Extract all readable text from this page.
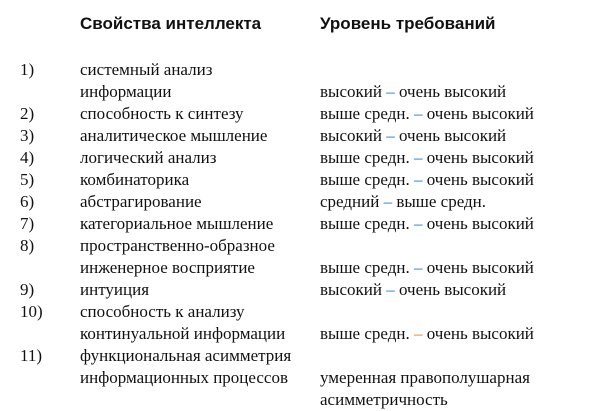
Свойства интеллекта	Уровень требований
1)	системный анализ
информации	высокий – очень высокий
2)	способность к синтезу	выше средн. – очень высокий
3)	аналитическое мышление	высокий – очень высокий
4)	логический анализ	выше средн. – очень высокий
5)	комбинаторика	выше средн. – очень высокий
6)	абстрагирование	средний – выше средн.
7)	категориальное мышление	выше средн. – очень высокий
8)	пространственно-образное
инженерное восприятие	выше средн. – очень высокий
9)	интуиция	высокий – очень высокий
10) способность к анализу
континуальной информации	выше средн. – очень высокий
11) функциональная асимметрия
информационных процессов	умеренная правополушарная
асимметричность
